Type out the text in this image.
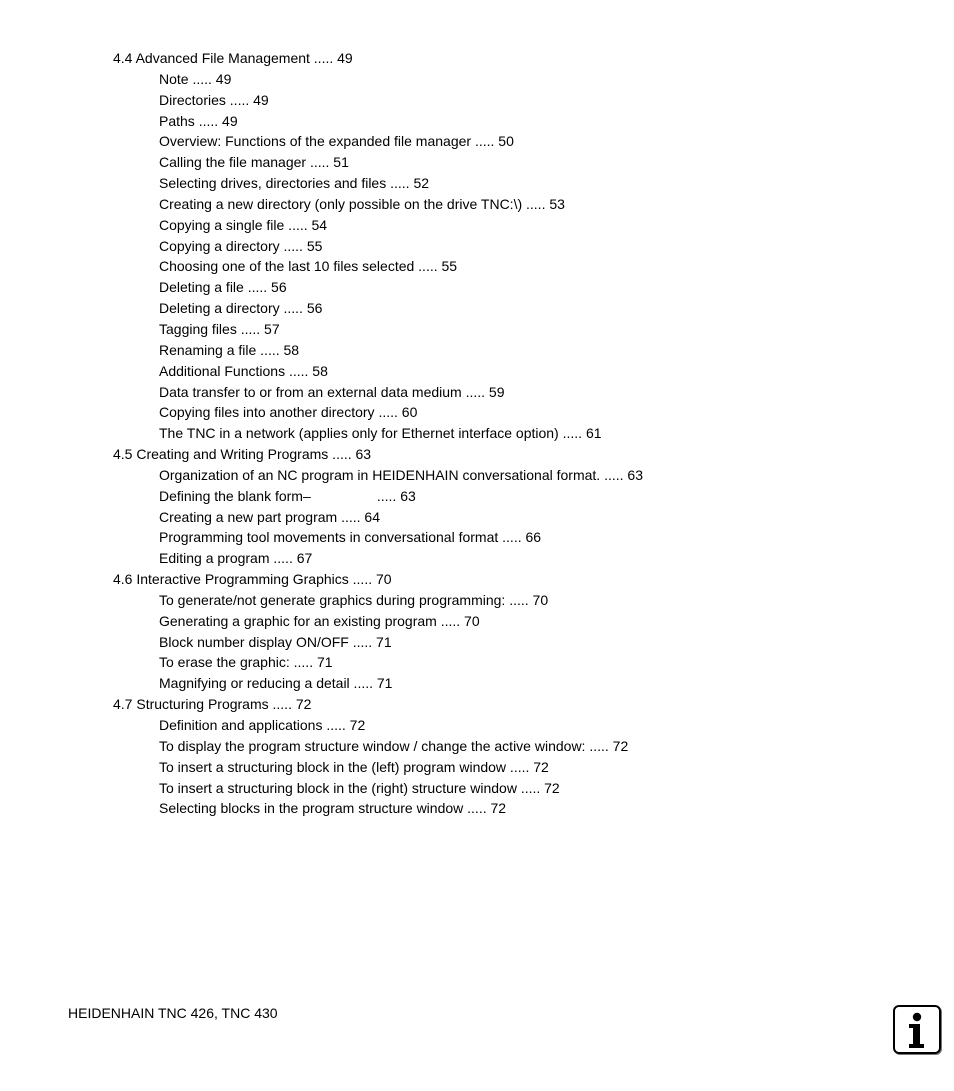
4.4 Advanced File Management ..... 49
Note ..... 49
Directories ..... 49
Paths ..... 49
Overview: Functions of the expanded file manager ..... 50
Calling the file manager ..... 51
Selecting drives, directories and files ..... 52
Creating a new directory (only possible on the drive TNC:\) ..... 53
Copying a single file ..... 54
Copying a directory ..... 55
Choosing one of the last 10 files selected ..... 55
Deleting a file ..... 56
Deleting a directory ..... 56
Tagging files ..... 57
Renaming a file ..... 58
Additional Functions ..... 58
Data transfer to or from an external data medium ..... 59
Copying files into another directory ..... 60
The TNC in a network (applies only for Ethernet interface option) ..... 61
4.5 Creating and Writing Programs ..... 63
Organization of an NC program in HEIDENHAIN conversational format. ..... 63
Defining the blank form–                 ..... 63
Creating a new part program ..... 64
Programming tool movements in conversational format ..... 66
Editing a program ..... 67
4.6 Interactive Programming Graphics ..... 70
To generate/not generate graphics during programming: ..... 70
Generating a graphic for an existing program ..... 70
Block number display ON/OFF ..... 71
To erase the graphic: ..... 71
Magnifying or reducing a detail ..... 71
4.7 Structuring Programs ..... 72
Definition and applications ..... 72
To display the program structure window / change the active window: ..... 72
To insert a structuring block in the (left) program window ..... 72
To insert a structuring block in the (right) structure window ..... 72
Selecting blocks in the program structure window ..... 72
HEIDENHAIN TNC 426, TNC 430
